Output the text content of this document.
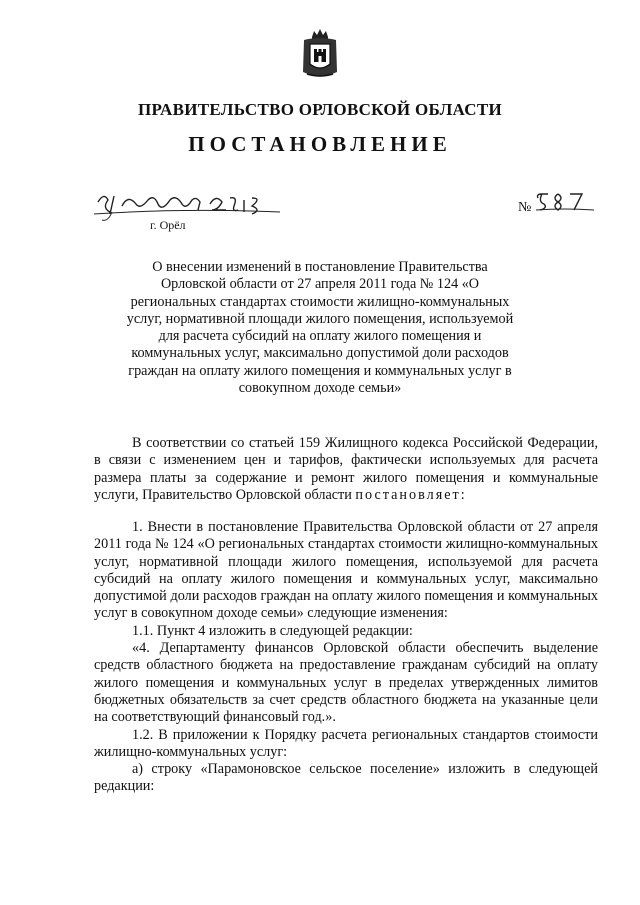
ПРАВИТЕЛЬСТВО ОРЛОВСКОЙ ОБЛАСТИ
ПОСТАНОВЛЕНИЕ
г. Орёл
№
О внесении изменений в постановление Правительства Орловской области от 27 апреля 2011 года № 124 «О региональных стандартах стоимости жилищно-коммунальных услуг, нормативной площади жилого помещения, используемой для расчета субсидий на оплату жилого помещения и коммунальных услуг, максимально допустимой доли расходов граждан на оплату жилого помещения и коммунальных услуг в совокупном доходе семьи»

В соответствии со статьей 159 Жилищного кодекса Российской Федерации, в связи с изменением цен и тарифов, фактически используемых для расчета размера платы за содержание и ремонт жилого помещения и коммунальные услуги, Правительство Орловской области постановляет:

1. Внести в постановление Правительства Орловской области от 27 апреля 2011 года № 124 «О региональных стандартах стоимости жилищно-коммунальных услуг, нормативной площади жилого помещения, используемой для расчета субсидий на оплату жилого помещения и коммунальных услуг, максимально допустимой доли расходов граждан на оплату жилого помещения и коммунальных услуг в совокупном доходе семьи» следующие изменения:

1.1. Пункт 4 изложить в следующей редакции:

«4. Департаменту финансов Орловской области обеспечить выделение средств областного бюджета на предоставление гражданам субсидий на оплату жилого помещения и коммунальных услуг в пределах утвержденных лимитов бюджетных обязательств за счет средств областного бюджета на указанные цели на соответствующий финансовый год.».

1.2. В приложении к Порядку расчета региональных стандартов стоимости жилищно-коммунальных услуг:

а) строку «Парамоновское сельское поселение» изложить в следующей редакции:
